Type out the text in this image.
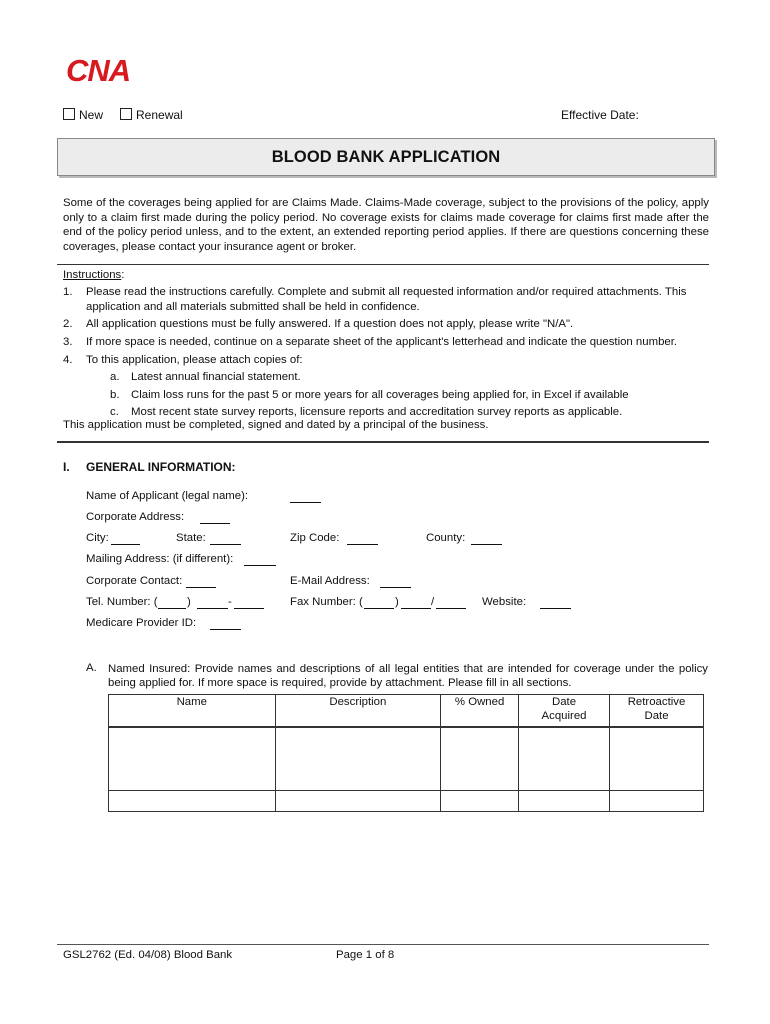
CNA
New	Renewal	Effective Date:
BLOOD BANK APPLICATION
Some of the coverages being applied for are Claims Made. Claims-Made coverage, subject to the provisions of the policy, apply only to a claim first made during the policy period. No coverage exists for claims made coverage for claims first made after the end of the policy period unless, and to the extent, an extended reporting period applies. If there are questions concerning these coverages, please contact your insurance agent or broker.
Instructions:
1. Please read the instructions carefully. Complete and submit all requested information and/or required attachments. This application and all materials submitted shall be held in confidence.
2. All application questions must be fully answered. If a question does not apply, please write "N/A".
3. If more space is needed, continue on a separate sheet of the applicant's letterhead and indicate the question number.
4. To this application, please attach copies of:
a. Latest annual financial statement.
b. Claim loss runs for the past 5 or more years for all coverages being applied for, in Excel if available
c. Most recent state survey reports, licensure reports and accreditation survey reports as applicable.
This application must be completed, signed and dated by a principal of the business.
I. GENERAL INFORMATION:
Name of Applicant (legal name):
Corporate Address:
City:	State:	Zip Code:	County:
Mailing Address: (if different):
Corporate Contact:	E-Mail Address:
Tel. Number: (	)	-	Fax Number: (	)	/	Website:
Medicare Provider ID:
A. Named Insured: Provide names and descriptions of all legal entities that are intended for coverage under the policy being applied for. If more space is required, provide by attachment. Please fill in all sections.
Name	Description	% Owned	Date Acquired	Retroactive Date

GSL2762 (Ed. 04/08) Blood Bank	Page 1 of 8
